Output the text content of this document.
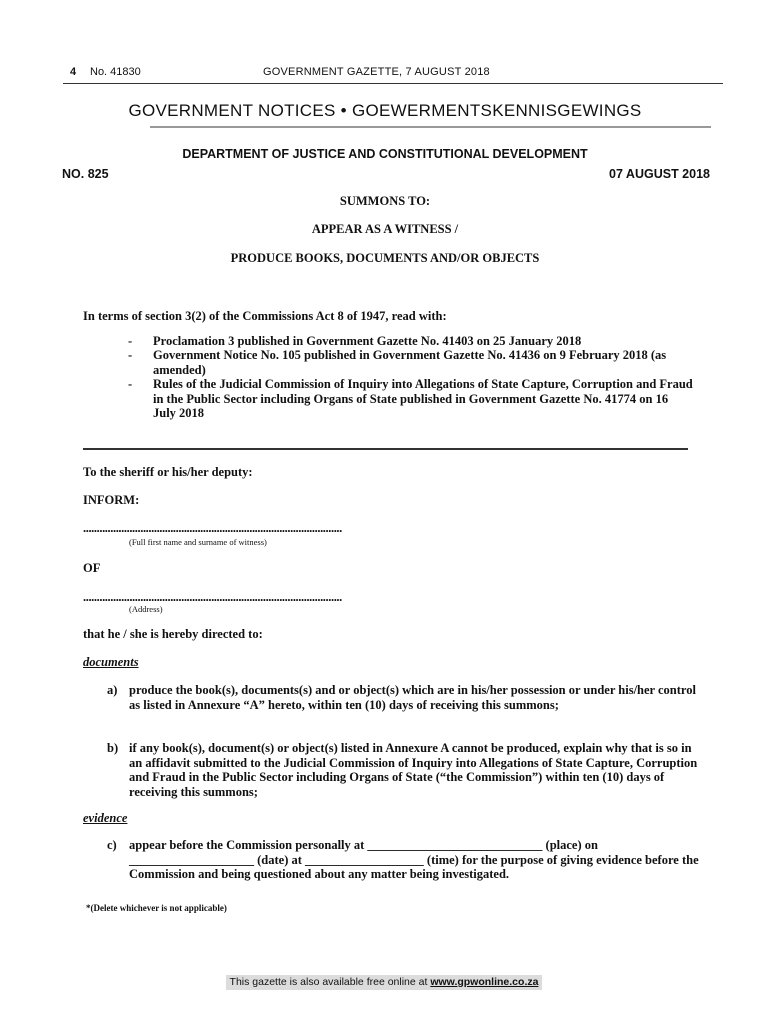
4 No. 41830	GOVERNMENT GAZETTE, 7 AUGUST 2018
GOVERNMENT NOTICES • GOEWERMENTSKENNISGEWINGS
DEPARTMENT OF JUSTICE AND CONSTITUTIONAL DEVELOPMENT
NO. 825	07 AUGUST 2018
SUMMONS TO:
APPEAR AS A WITNESS /
PRODUCE BOOKS, DOCUMENTS AND/OR OBJECTS
In terms of section 3(2) of the Commissions Act 8 of 1947, read with:
- Proclamation 3 published in Government Gazette No. 41403 on 25 January 2018
- Government Notice No. 105 published in Government Gazette No. 41436 on 9 February 2018 (as amended)
- Rules of the Judicial Commission of Inquiry into Allegations of State Capture, Corruption and Fraud in the Public Sector including Organs of State published in Government Gazette No. 41774 on 16 July 2018
To the sheriff or his/her deputy:
INFORM:
...............................................................................................
(Full first name and surname of witness)
OF
...............................................................................................
(Address)
that he / she is hereby directed to:
documents
a) produce the book(s), documents(s) and or object(s) which are in his/her possession or under his/her control as listed in Annexure “A” hereto, within ten (10) days of receiving this summons;
b) if any book(s), document(s) or object(s) listed in Annexure A cannot be produced, explain why that is so in an affidavit submitted to the Judicial Commission of Inquiry into Allegations of State Capture, Corruption and Fraud in the Public Sector including Organs of State (“the Commission”) within ten (10) days of receiving this summons;
evidence
c) appear before the Commission personally at ____________________________ (place) on ____________________ (date) at ___________________ (time) for the purpose of giving evidence before the Commission and being questioned about any matter being investigated.
*(Delete whichever is not applicable)
This gazette is also available free online at www.gpwonline.co.za
